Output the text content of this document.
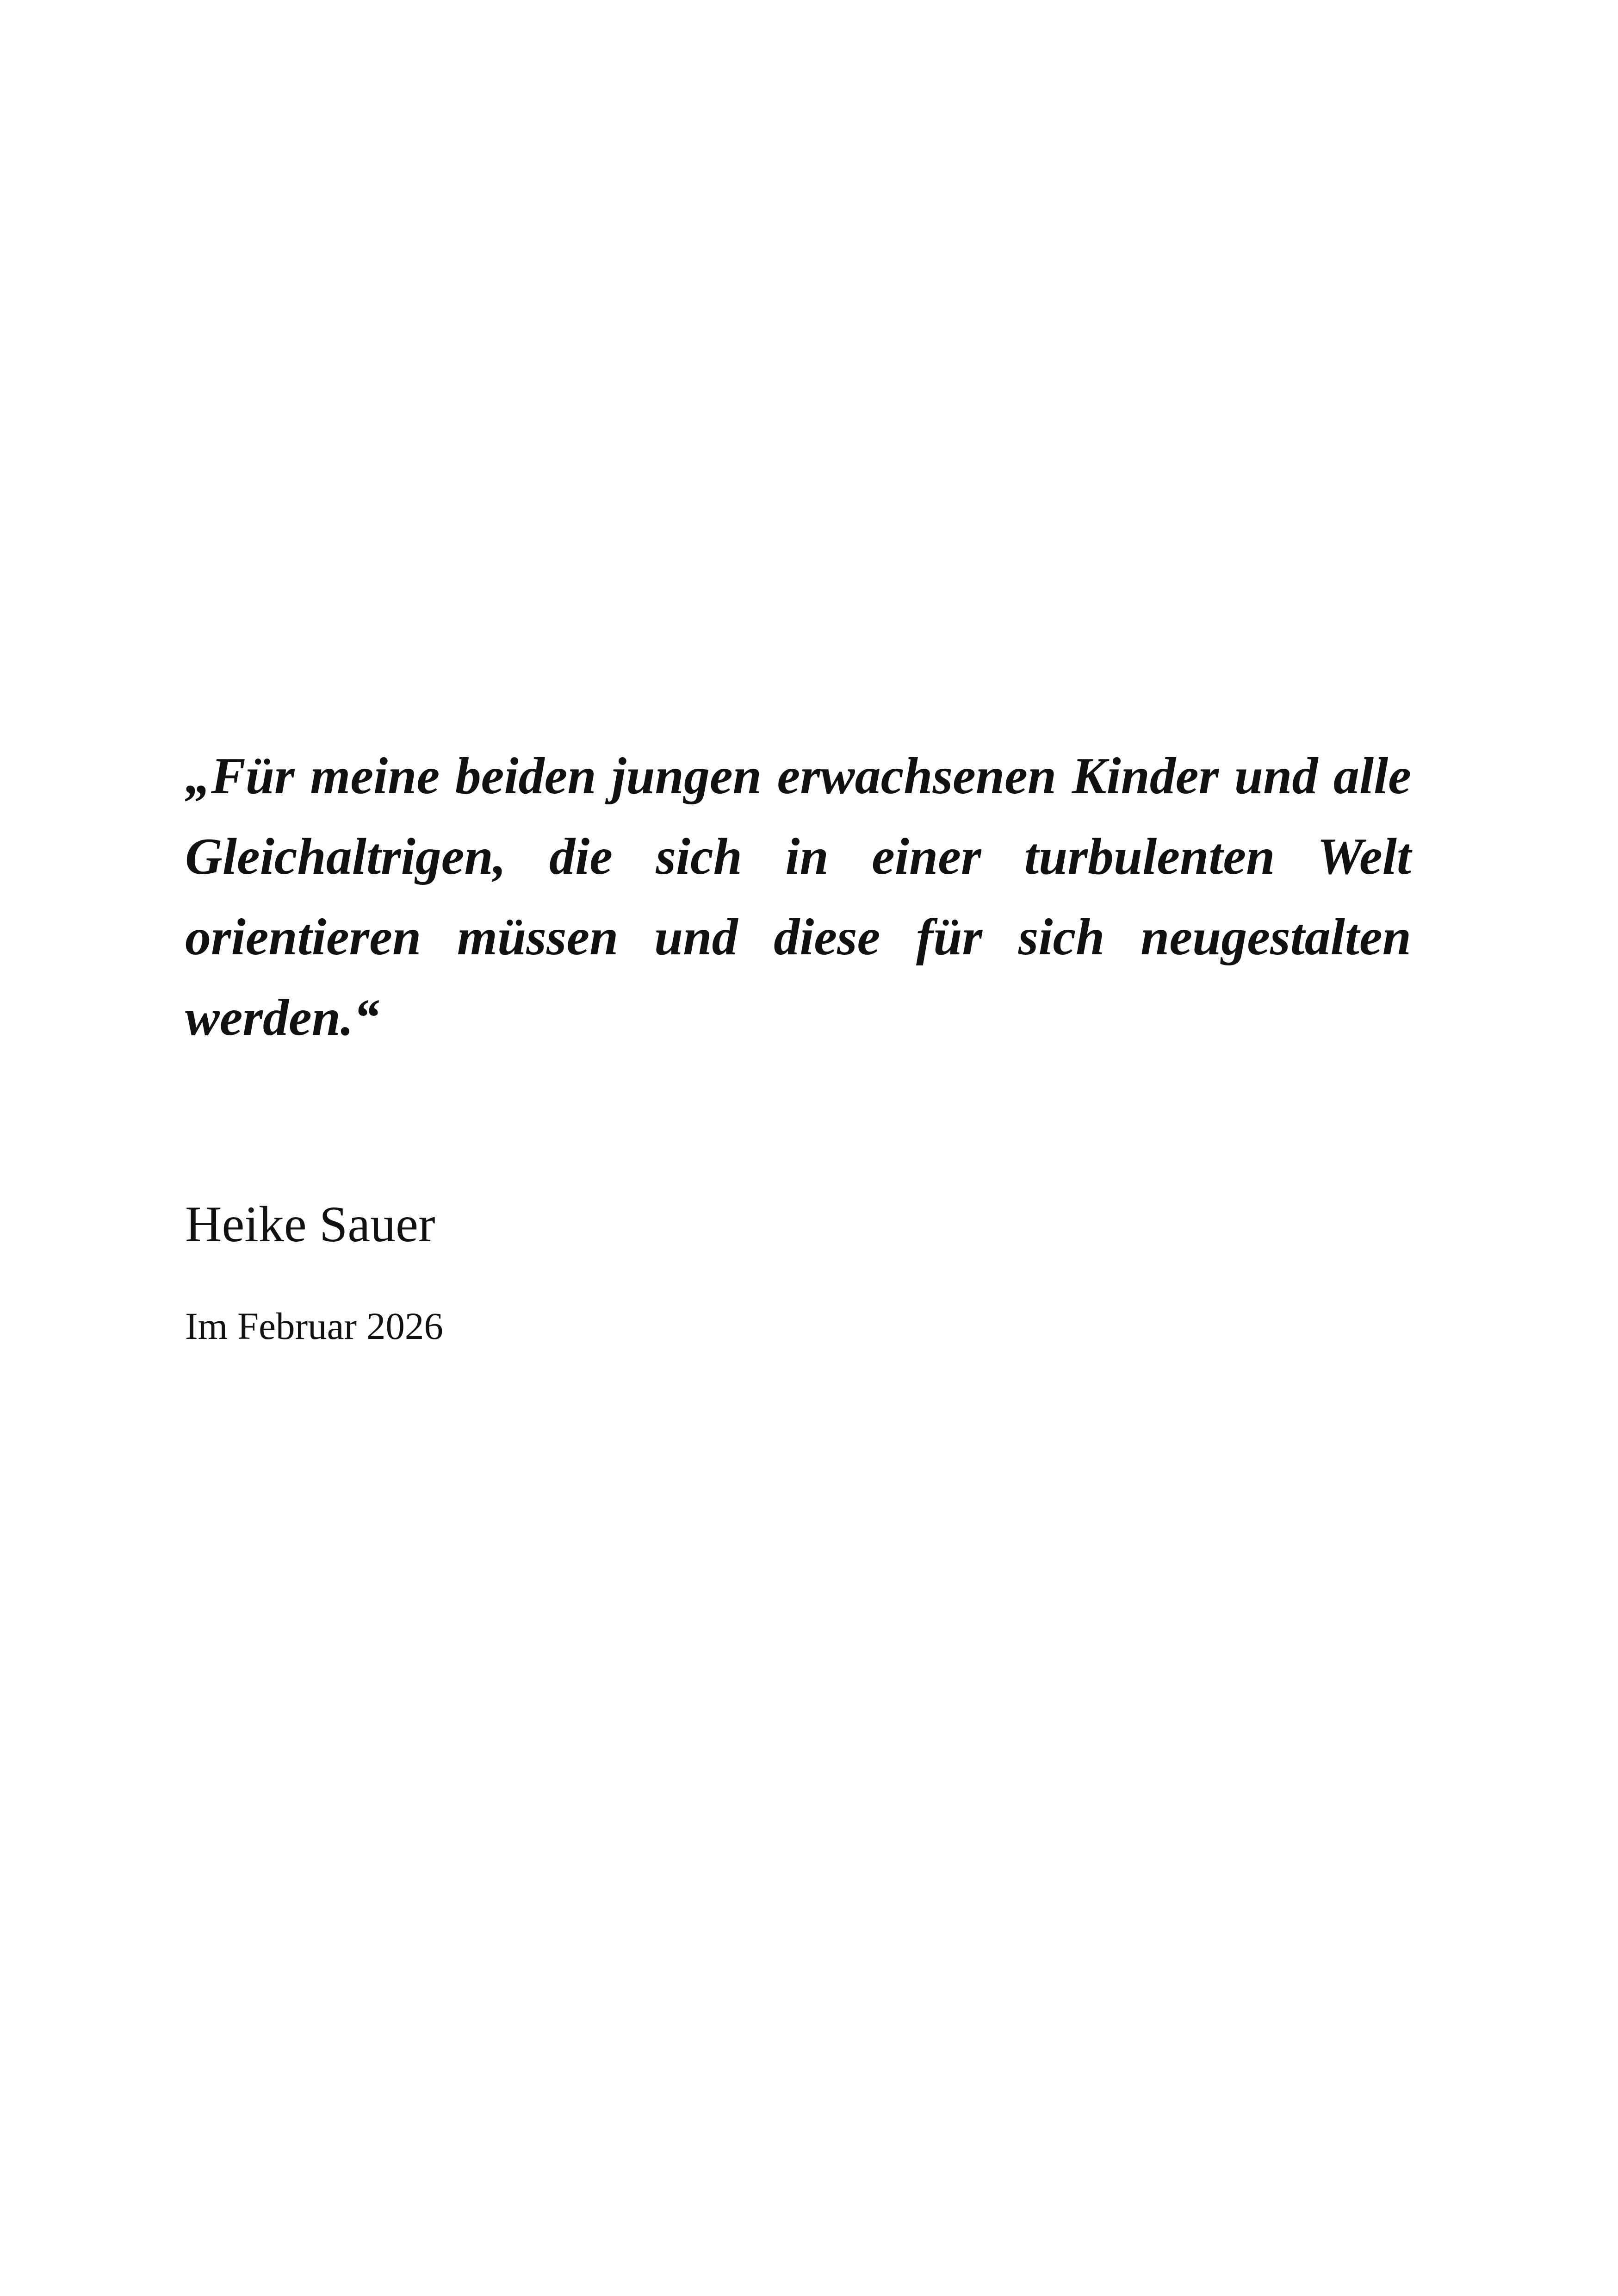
„Für meine beiden jungen erwachsenen Kinder und alle Gleichaltrigen, die sich in einer turbulenten Welt orientieren müssen und diese für sich neugestalten werden.“

Heike Sauer

Im Februar 2026
